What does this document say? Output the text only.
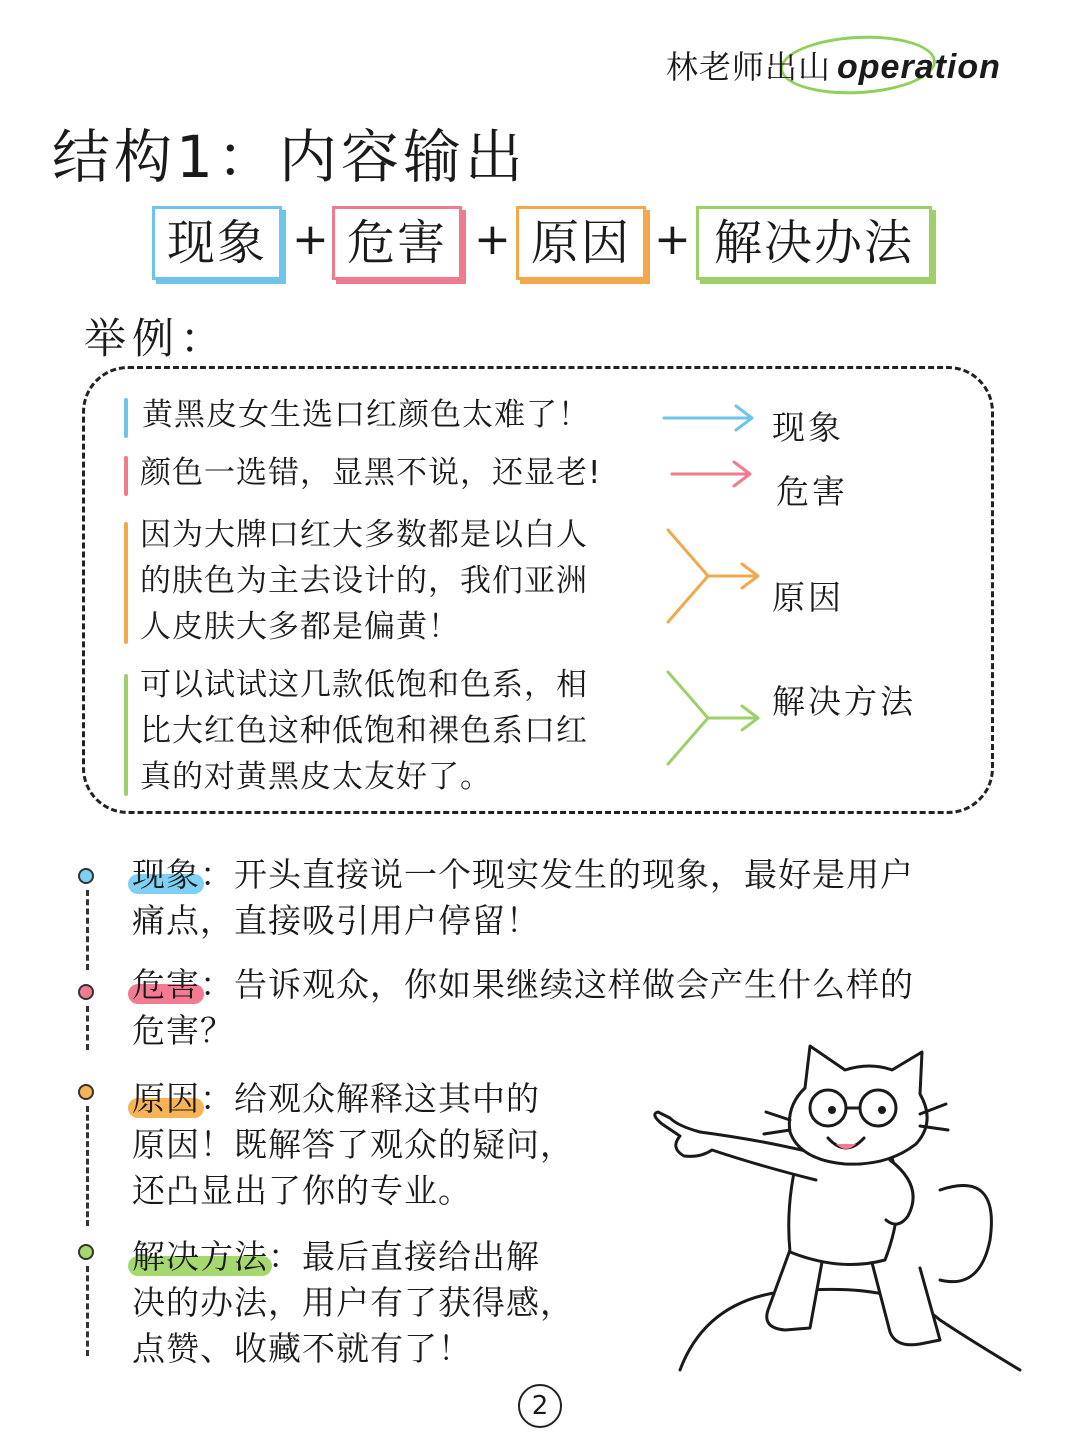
林老师出山 operation
结构1：内容输出
现象 + 危害 + 原因 + 解决办法
举例：
黄黑皮女生选口红颜色太难了！	现象
颜色一选错，显黑不说，还显老!	危害
因为大牌口红大多数都是以白人
的肤色为主去设计的，我们亚洲
人皮肤大多都是偏黄！
原因
可以试试这几款低饱和色系，相
比大红色这种低饱和裸色系口红
真的对黄黑皮太友好了。
解决方法
现象：开头直接说一个现实发生的现象，最好是用户
痛点，直接吸引用户停留！
危害：告诉观众，你如果继续这样做会产生什么样的
危害？
原因：给观众解释这其中的
原因！既解答了观众的疑问，
还凸显出了你的专业。
解决方法：最后直接给出解
决的办法，用户有了获得感，
点赞、收藏不就有了！
2
